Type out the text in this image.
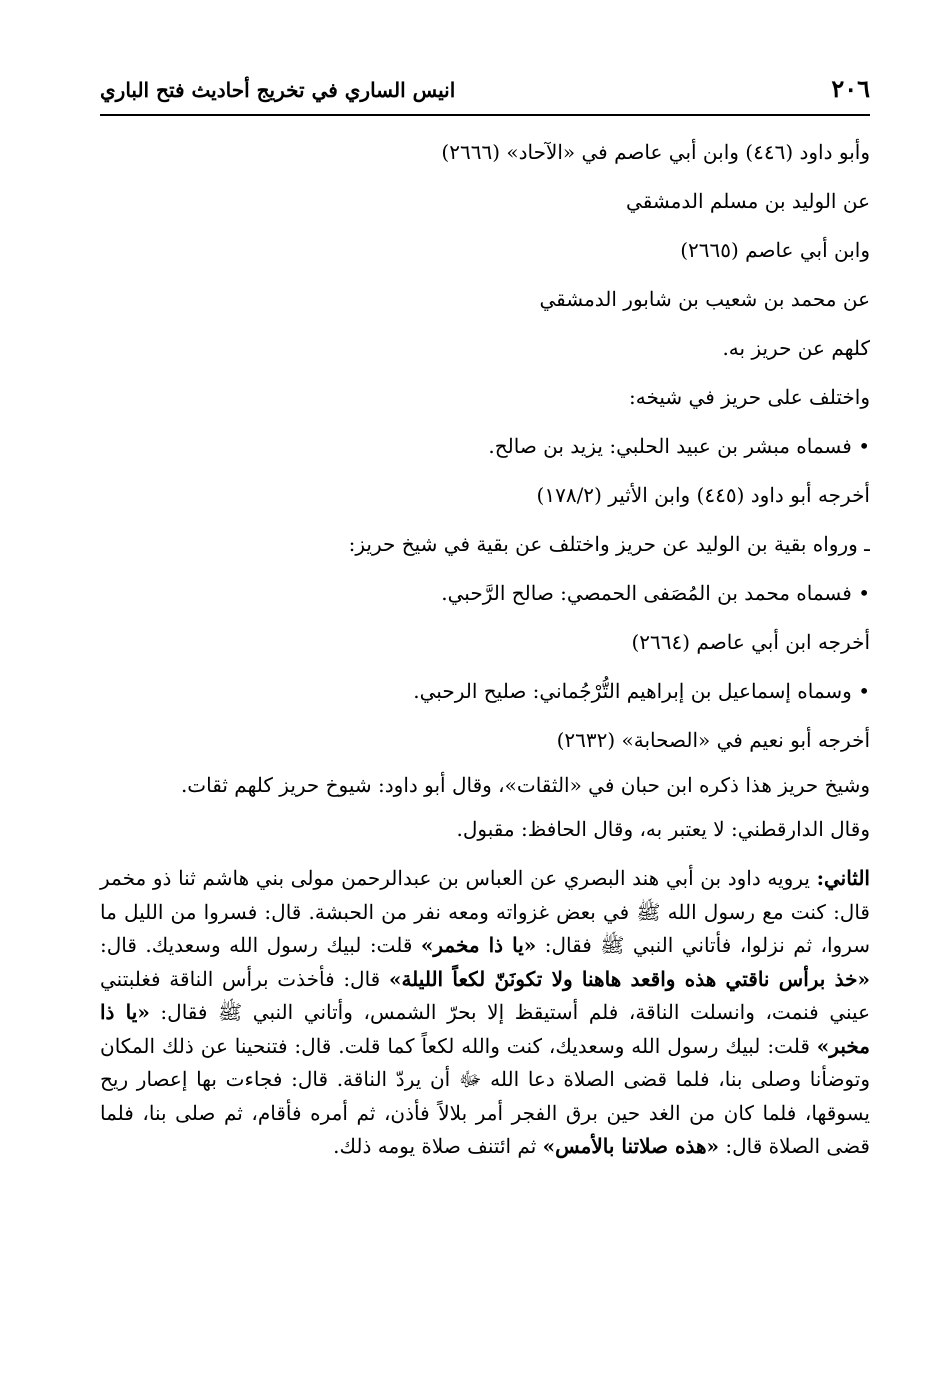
٢٠٦
انيس الساري في تخريج أحاديث فتح الباري
وأبو داود (٤٤٦) وابن أبي عاصم في «الآحاد» (٢٦٦٦)
عن الوليد بن مسلم الدمشقي
وابن أبي عاصم (٢٦٦٥)
عن محمد بن شعيب بن شابور الدمشقي
كلهم عن حريز به.
واختلف على حريز في شيخه:
• فسماه مبشر بن عبيد الحلبي: يزيد بن صالح.
أخرجه أبو داود (٤٤٥) وابن الأثير (١٧٨/٢)
ـ ورواه بقية بن الوليد عن حريز واختلف عن بقية في شيخ حريز:
• فسماه محمد بن المُصَفى الحمصي: صالح الرَّحبي.
أخرجه ابن أبي عاصم (٢٦٦٤)
• وسماه إسماعيل بن إبراهيم التُّرْجُماني: صليح الرحبي.
أخرجه أبو نعيم في «الصحابة» (٢٦٣٢)

وشيخ حريز هذا ذكره ابن حبان في «الثقات»، وقال أبو داود: شيوخ حريز كلهم ثقات.

وقال الدارقطني: لا يعتبر به، وقال الحافظ: مقبول.

الثاني: يرويه داود بن أبي هند البصري عن العباس بن عبدالرحمن مولى بني هاشم ثنا ذو مخمر قال: كنت مع رسول الله ﷺ في بعض غزواته ومعه نفر من الحبشة. قال: فسروا من الليل ما سروا، ثم نزلوا، فأتاني النبي ﷺ فقال: «يا ذا مخمر» قلت: لبيك رسول الله وسعديك. قال: «خذ برأس ناقتي هذه واقعد هاهنا ولا تكونَنّ لكعاً الليلة» قال: فأخذت برأس الناقة فغلبتني عيني فنمت، وانسلت الناقة، فلم أستيقظ إلا بحرّ الشمس، وأتاني النبي ﷺ فقال: «يا ذا مخبر» قلت: لبيك رسول الله وسعديك، كنت والله لكعاً كما قلت. قال: فتنحينا عن ذلك المكان وتوضأنا وصلى بنا، فلما قضى الصلاة دعا الله ﷻ أن يردّ الناقة. قال: فجاءت بها إعصار ريح يسوقها، فلما كان من الغد حين برق الفجر أمر بلالاً فأذن، ثم أمره فأقام، ثم صلى بنا، فلما قضى الصلاة قال: «هذه صلاتنا بالأمس» ثم ائتنف صلاة يومه ذلك.
